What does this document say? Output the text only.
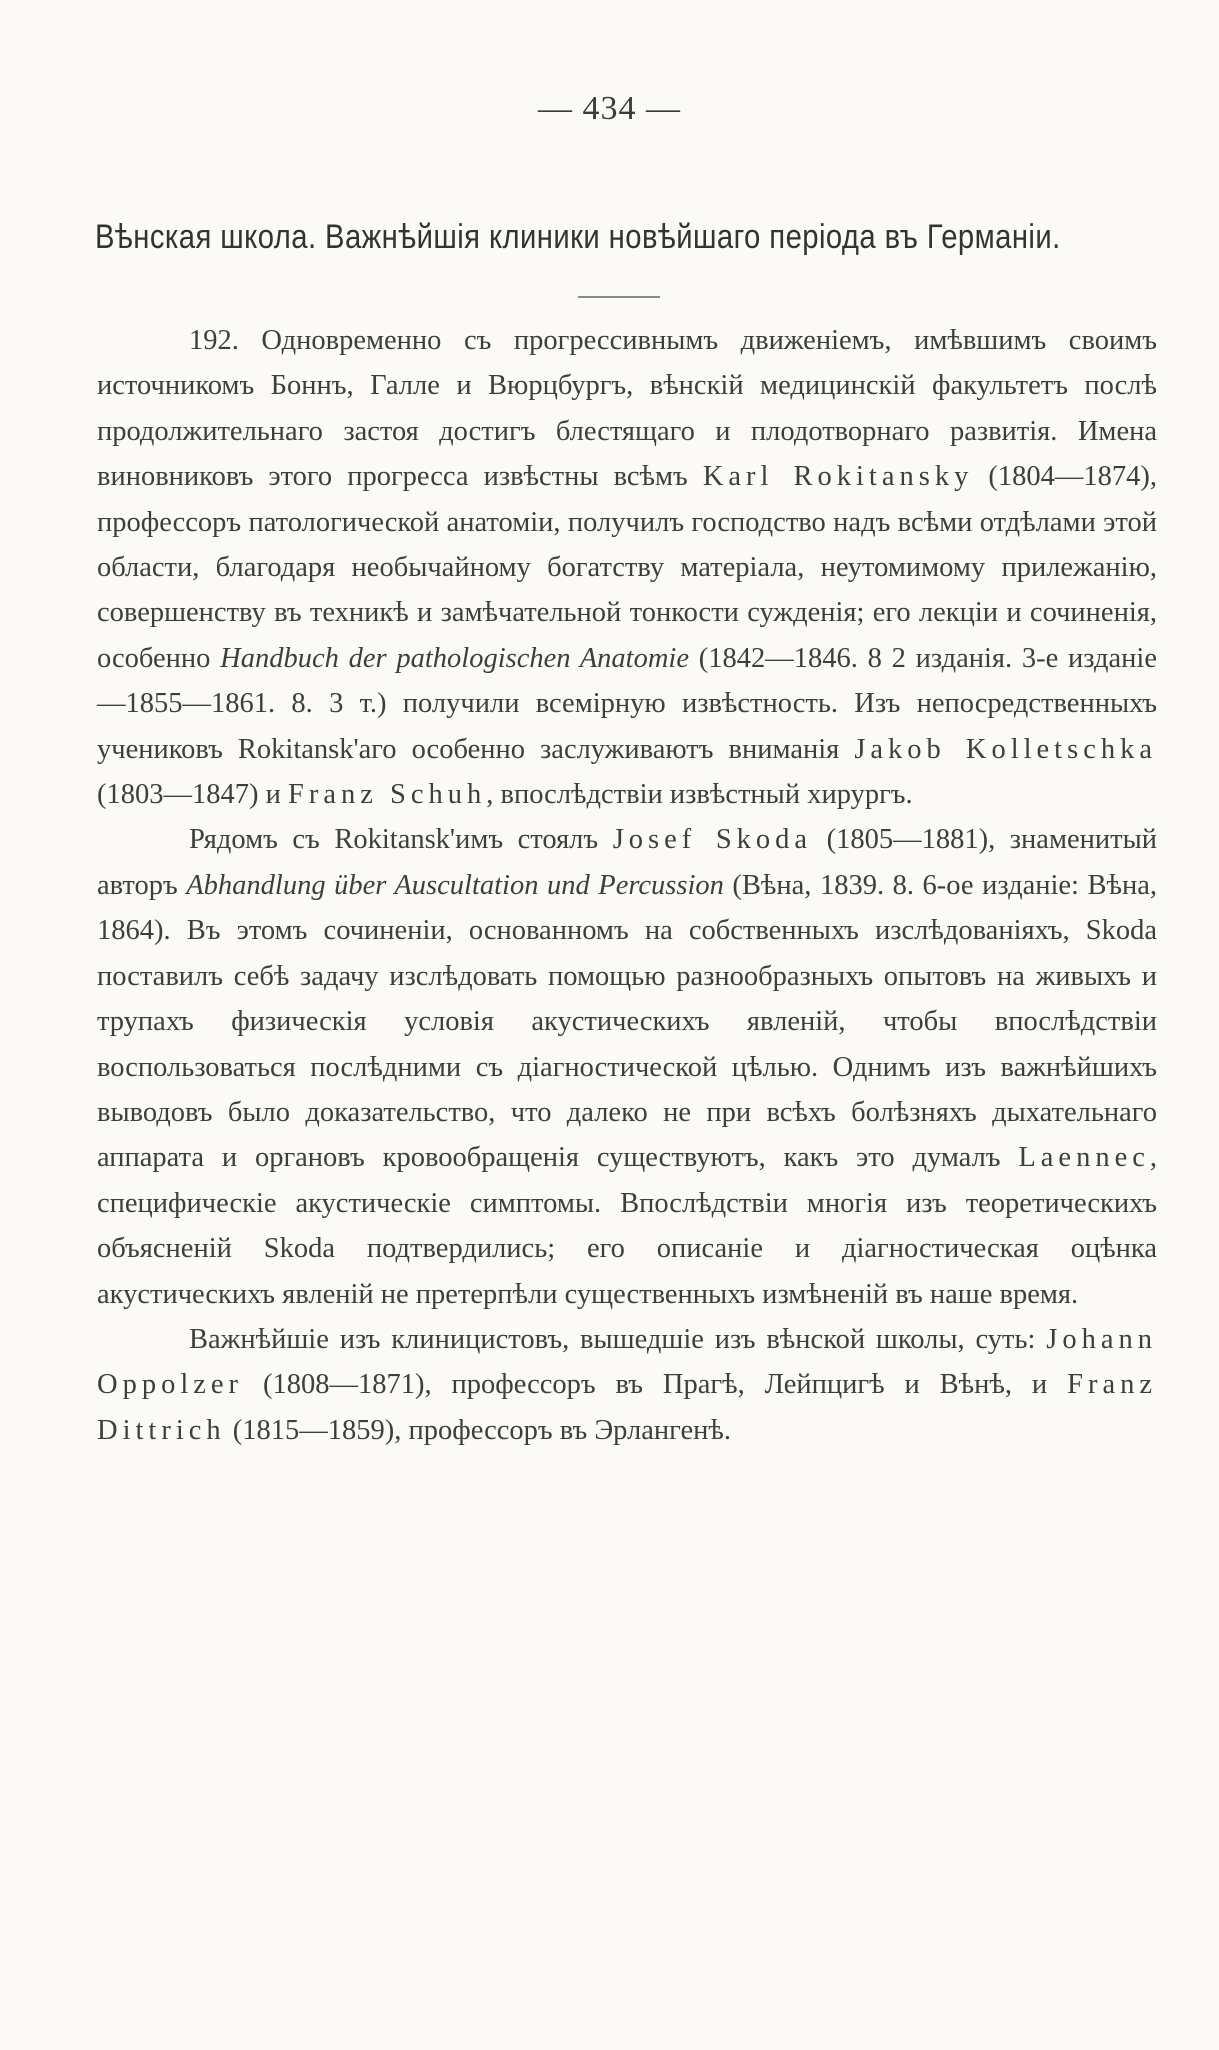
— 434 —
Вѣнская школа. Важнѣйшія клиники новѣйшаго періода въ Германіи.

192. Одновременно съ прогрессивнымъ движеніемъ, имѣвшимъ своимъ источникомъ Боннъ, Галле и Вюрцбургъ, вѣнскій медицинскій факультетъ послѣ продолжительнаго застоя достигъ блестящаго и плодотворнаго развитія. Имена виновниковъ этого прогресса извѣстны всѣмъ Karl Rokitansky (1804—1874), профессоръ патологической анатоміи, получилъ господство надъ всѣми отдѣлами этой области, благодаря необычайному богатству матеріала, неутомимому прилежанію, совершенству въ техникѣ и замѣчательной тонкости сужденія; его лекціи и сочиненія, особенно Handbuch der pathologischen Anatomie (1842—1846. 8 2 изданія. 3-е изданіе—1855—1861. 8. 3 т.) получили всемірную извѣстность. Изъ непосредственныхъ учениковъ Rokitansk'аго особенно заслуживаютъ вниманія Jakob Kolletschka (1803—1847) и Franz Schuh, впослѣдствіи извѣстный хирургъ.

Рядомъ съ Rokitansk'имъ стоялъ Josef Skoda (1805—1881), знаменитый авторъ Abhandlung über Auscultation und Percussion (Вѣна, 1839. 8. 6-ое изданіе: Вѣна, 1864). Въ этомъ сочиненіи, основанномъ на собственныхъ изслѣдованіяхъ, Skoda поставилъ себѣ задачу изслѣдовать помощью разнообразныхъ опытовъ на живыхъ и трупахъ физическія условія акустическихъ явленій, чтобы впослѣдствіи воспользоваться послѣдними съ діагностической цѣлью. Однимъ изъ важнѣйшихъ выводовъ было доказательство, что далеко не при всѣхъ болѣзняхъ дыхательнаго аппарата и органовъ кровообращенія существуютъ, какъ это думалъ Laennec, специфическіе акустическіе симптомы. Впослѣдствіи многія изъ теоретическихъ объясненій Skoda подтвердились; его описаніе и діагностическая оцѣнка акустическихъ явленій не претерпѣли существенныхъ измѣненій въ наше время.

Важнѣйшіе изъ клиницистовъ, вышедшіе изъ вѣнской школы, суть: Johann Oppolzer (1808—1871), профессоръ въ Прагѣ, Лейпцигѣ и Вѣнѣ, и Franz Dittrich (1815—1859), профессоръ въ Эрлангенѣ.
